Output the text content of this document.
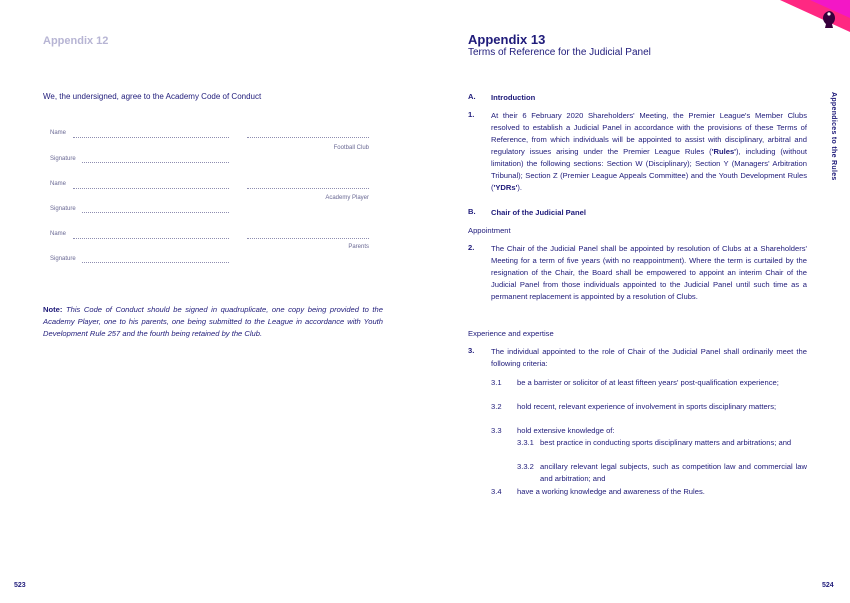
Appendix 12
We, the undersigned, agree to the Academy Code of Conduct
Name
Football Club
Signature
Name
Academy Player
Signature
Name
Parents
Signature
Note: This Code of Conduct should be signed in quadruplicate, one copy being provided to the Academy Player, one to his parents, one being submitted to the League in accordance with Youth Development Rule 257 and the fourth being retained by the Club.
523
Appendix 13
Terms of Reference for the Judicial Panel
Appendices to the Rules
A. Introduction
1. At their 6 February 2020 Shareholders' Meeting, the Premier League's Member Clubs resolved to establish a Judicial Panel in accordance with the provisions of these Terms of Reference, from which individuals will be appointed to assist with disciplinary, arbitral and regulatory issues arising under the Premier League Rules ('Rules'), including (without limitation) the following sections: Section W (Disciplinary); Section Y (Managers' Arbitration Tribunal); Section Z (Premier League Appeals Committee) and the Youth Development Rules ('YDRs').
B. Chair of the Judicial Panel
Appointment
2. The Chair of the Judicial Panel shall be appointed by resolution of Clubs at a Shareholders' Meeting for a term of five years (with no reappointment). Where the term is curtailed by the resignation of the Chair, the Board shall be empowered to appoint an interim Chair of the Judicial Panel from those individuals appointed to the Judicial Panel until such time as a permanent replacement is appointed by a resolution of Clubs.
Experience and expertise
3. The individual appointed to the role of Chair of the Judicial Panel shall ordinarily meet the following criteria:
3.1 be a barrister or solicitor of at least fifteen years' post-qualification experience;
3.2 hold recent, relevant experience of involvement in sports disciplinary matters;
3.3 hold extensive knowledge of:
3.3.1 best practice in conducting sports disciplinary matters and arbitrations; and
3.3.2 ancillary relevant legal subjects, such as competition law and commercial law and arbitration; and
3.4 have a working knowledge and awareness of the Rules.
524
